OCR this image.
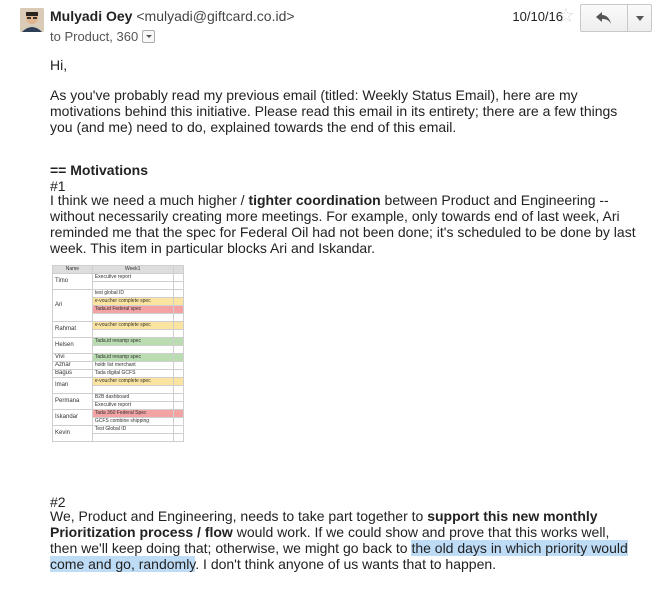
Mulyadi Oey <mulyadi@giftcard.co.id>	10/10/16
☆
to Product, 360
Hi,
As you've probably read my previous email (titled: Weekly Status Email), here are my motivations behind this initiative. Please read this email in its entirety; there are a few things you (and me) need to do, explained towards the end of this email.
== Motivations
#1
I think we need a much higher / tighter coordination between Product and Engineering -- without necessarily creating more meetings. For example, only towards end of last week, Ari reminded me that the spec for Federal Oil had not been done; it's scheduled to be done by last week. This item in particular blocks Ari and Iskandar.
Name	Week1	
Timo	Executive report	

Ari	test global ID	
	e-voucher complete spec	
	Tada.id Federal spec	

Rahmat	e-voucher complete spec	

Helsen	Tada.id revamp spec	

Vivi	Tada.id revamp spec	
Azhar	holdr list merchant	
Bagus	Tada digital GCFS	
Iman	e-voucher complete spec	

Permana	B2B dashboard	
	Executive report	
Iskandar	Tada 360 Federal Spec	
	GCFS combine shipping	
Kevin	Test Global ID	

#2
We, Product and Engineering, needs to take part together to support this new monthly Prioritization process / flow would work. If we could show and prove that this works well, then we'll keep doing that; otherwise, we might go back to the old days in which priority would come and go, randomly. I don't think anyone of us wants that to happen.
